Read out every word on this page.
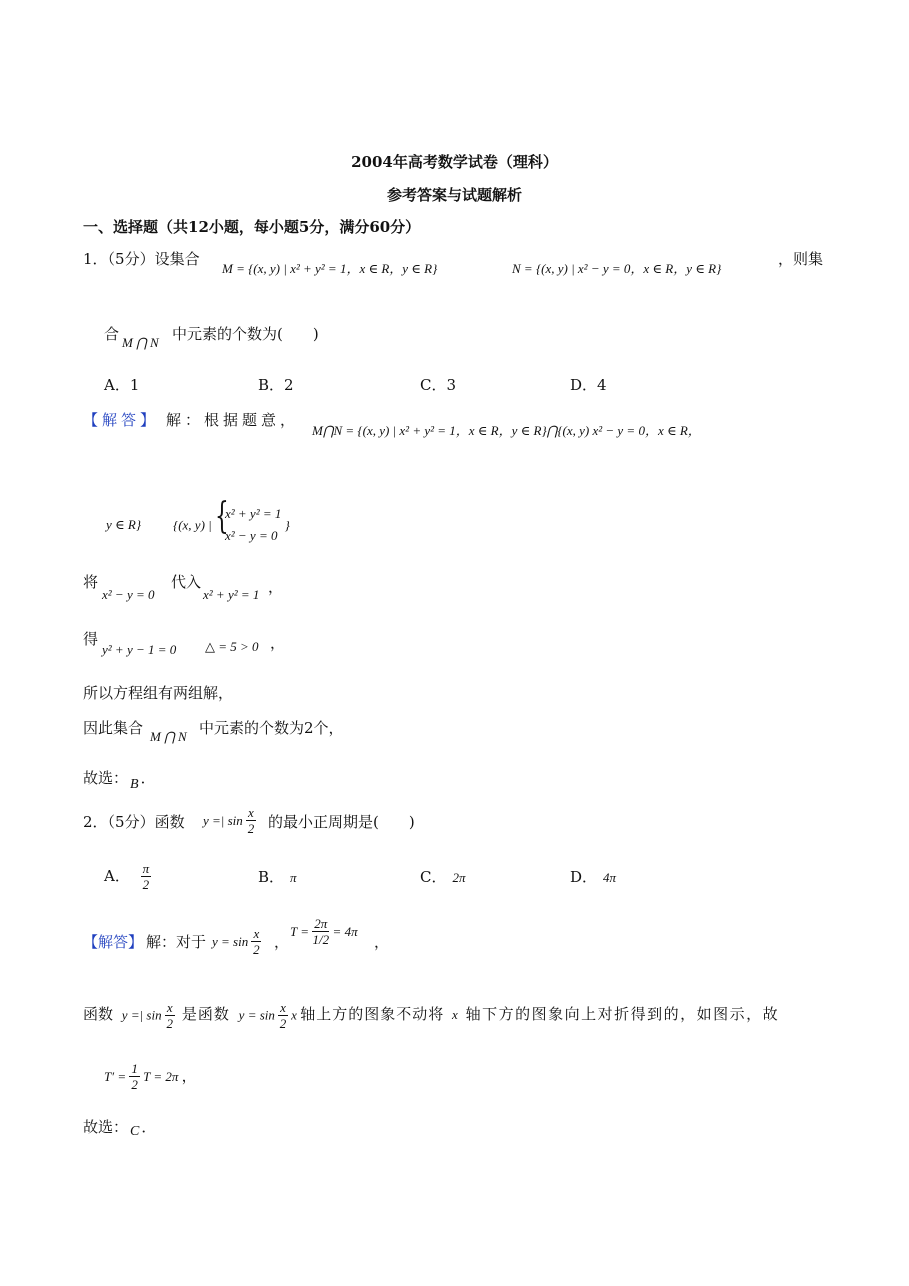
2004年高考数学试卷（理科）
参考答案与试题解析
一、选择题（共12小题，每小题5分，满分60分）
1．（5分）设集合
M = {(x, y) | x² + y² = 1，x ∈ R，y ∈ R}	N = {(x, y) | x² − y = 0，x ∈ R，y ∈ R}
，则集
合 M ⋂ N 中元素的个数为(　　)
A．1	B．2	C．3	D．4
【解答】 解：根据题意，
M⋂N = {(x, y) | x² + y² = 1，x ∈ R，y ∈ R}⋂{(x, y) x² − y = 0，x ∈ R，
y ∈ R} {(x, y) | {
x² + y² = 1
x² − y = 0
}
将
x² − y = 0
代入
x² + y² = 1 ，
得
y² + y − 1 = 0 △ = 5 > 0 ，
所以方程组有两组解，
因此集合 M ⋂ N 中元素的个数为2个，
故选： B ．
2．（5分）函数 y =| $\sin \frac{x}{2}$ 的最小正周期是(　　)
A． $\frac{\pi}{2}$	B． π	C． 2π	D． 4π
【解答】 解：对于 $y = \sin \frac{x}{2}$ ，
$T = \frac{2\pi}{1/2} = 4\pi$
，
函数 y =| $\sin \frac{x}{2}$ 是函数 $y = \sin \frac{x}{2}$ x 轴上方的图象不动将 x 轴下方的图象向上对折得到的，如图示，故
$T' = \frac{1}{2}$ T = 2π ，
故选： C ．
